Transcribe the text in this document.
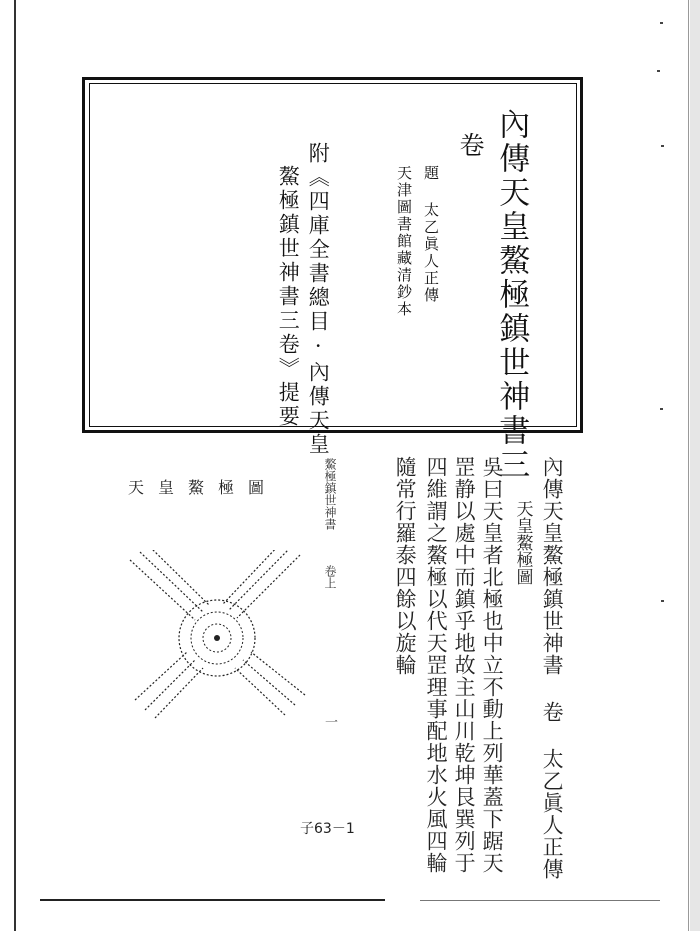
內傳天皇鰲極鎮世神書三
卷
題 太乙眞人正傳
天津圖書館藏清鈔本
附《四庫全書總目·內傳天皇
鰲極鎮世神書三卷》提要
內傳天皇鰲極鎮世神書 卷 太乙眞人正傳
天皇鰲極圖
吳曰天皇者北極也中立不動上列華蓋下踞天
罡静以處中而鎮乎地故主山川乾坤艮巽列于
四維謂之鰲極以代天罡理事配地水火風四輪
隨常行羅泰四餘以旋輪
鰲極鎮世神書
卷上
一
天皇鰲極圖
子63－1
